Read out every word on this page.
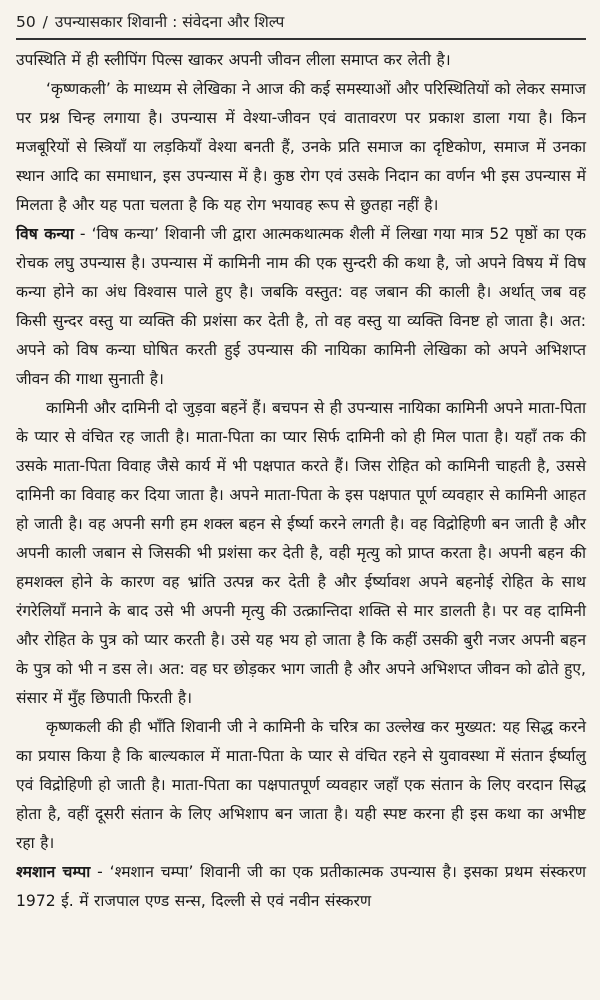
50 / उपन्यासकार शिवानी : संवेदना और शिल्प

उपस्थिति में ही स्लीपिंग पिल्स खाकर अपनी जीवन लीला समाप्त कर लेती है।

‘कृष्णकली’ के माध्यम से लेखिका ने आज की कई समस्याओं और परिस्थितियों को लेकर समाज पर प्रश्न चिन्ह लगाया है। उपन्यास में वेश्या-जीवन एवं वातावरण पर प्रकाश डाला गया है। किन मजबूरियों से स्त्रियाँ या लड़कियाँ वेश्या बनती हैं, उनके प्रति समाज का दृष्टिकोण, समाज में उनका स्थान आदि का समाधान, इस उपन्यास में है। कुष्ठ रोग एवं उसके निदान का वर्णन भी इस उपन्यास में मिलता है और यह पता चलता है कि यह रोग भयावह रूप से छुतहा नहीं है।

विष कन्या - ‘विष कन्या’ शिवानी जी द्वारा आत्मकथात्मक शैली में लिखा गया मात्र 52 पृष्ठों का एक रोचक लघु उपन्यास है। उपन्यास में कामिनी नाम की एक सुन्दरी की कथा है, जो अपने विषय में विष कन्या होने का अंध विश्वास पाले हुए है। जबकि वस्तुत: वह जबान की काली है। अर्थात् जब वह किसी सुन्दर वस्तु या व्यक्ति की प्रशंसा कर देती है, तो वह वस्तु या व्यक्ति विनष्ट हो जाता है। अत: अपने को विष कन्या घोषित करती हुई उपन्यास की नायिका कामिनी लेखिका को अपने अभिशप्त जीवन की गाथा सुनाती है।

कामिनी और दामिनी दो जुड़वा बहनें हैं। बचपन से ही उपन्यास नायिका कामिनी अपने माता-पिता के प्यार से वंचित रह जाती है। माता-पिता का प्यार सिर्फ दामिनी को ही मिल पाता है। यहाँ तक की उसके माता-पिता विवाह जैसे कार्य में भी पक्षपात करते हैं। जिस रोहित को कामिनी चाहती है, उससे दामिनी का विवाह कर दिया जाता है। अपने माता-पिता के इस पक्षपात पूर्ण व्यवहार से कामिनी आहत हो जाती है। वह अपनी सगी हम शक्ल बहन से ईर्ष्या करने लगती है। वह विद्रोहिणी बन जाती है और अपनी काली जबान से जिसकी भी प्रशंसा कर देती है, वही मृत्यु को प्राप्त करता है। अपनी बहन की हमशक्ल होने के कारण वह भ्रांति उत्पन्न कर देती है और ईर्ष्यावश अपने बहनोई रोहित के साथ रंगरेलियाँ मनाने के बाद उसे भी अपनी मृत्यु की उत्क्रान्तिदा शक्ति से मार डालती है। पर वह दामिनी और रोहित के पुत्र को प्यार करती है। उसे यह भय हो जाता है कि कहीं उसकी बुरी नजर अपनी बहन के पुत्र को भी न डस ले। अत: वह घर छोड़कर भाग जाती है और अपने अभिशप्त जीवन को ढोते हुए, संसार में मुँह छिपाती फिरती है।

कृष्णकली की ही भाँति शिवानी जी ने कामिनी के चरित्र का उल्लेख कर मुख्यत: यह सिद्ध करने का प्रयास किया है कि बाल्यकाल में माता-पिता के प्यार से वंचित रहने से युवावस्था में संतान ईर्ष्यालु एवं विद्रोहिणी हो जाती है। माता-पिता का पक्षपातपूर्ण व्यवहार जहाँ एक संतान के लिए वरदान सिद्ध होता है, वहीं दूसरी संतान के लिए अभिशाप बन जाता है। यही स्पष्ट करना ही इस कथा का अभीष्ट रहा है।

श्मशान चम्पा - ‘श्मशान चम्पा’ शिवानी जी का एक प्रतीकात्मक उपन्यास है। इसका प्रथम संस्करण 1972 ई. में राजपाल एण्ड सन्स, दिल्ली से एवं नवीन संस्करण
